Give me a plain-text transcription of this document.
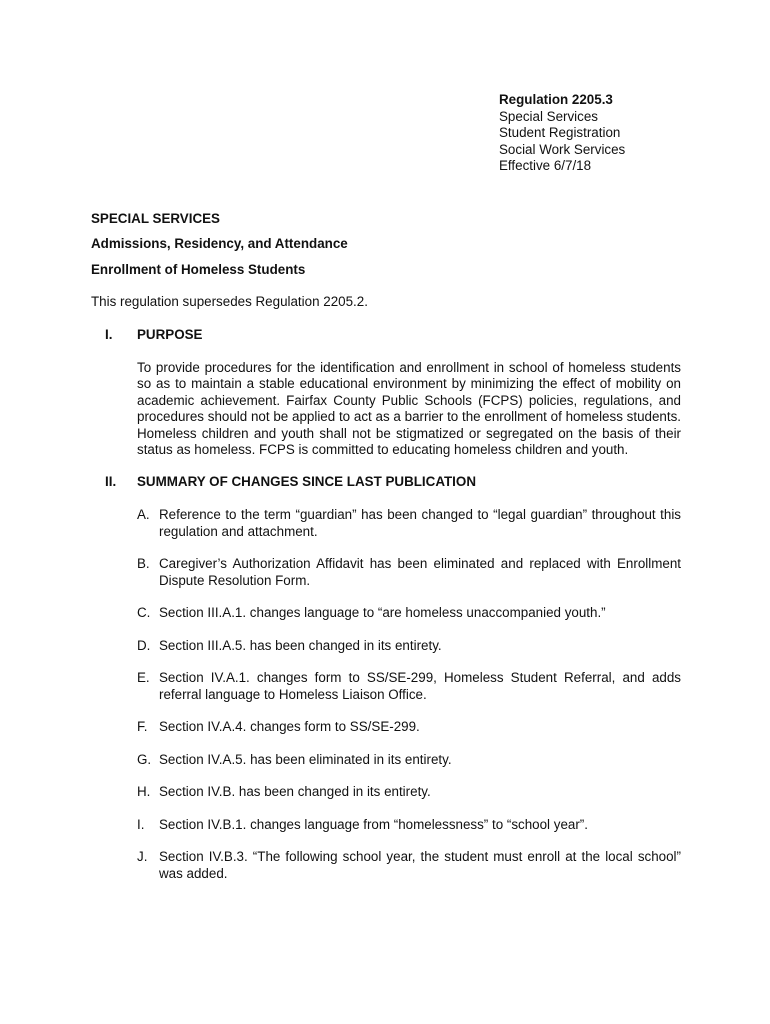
Regulation 2205.3
Special Services
Student Registration
Social Work Services
Effective 6/7/18
SPECIAL SERVICES
Admissions, Residency, and Attendance
Enrollment of Homeless Students
This regulation supersedes Regulation 2205.2.
I. PURPOSE
To provide procedures for the identification and enrollment in school of homeless students so as to maintain a stable educational environment by minimizing the effect of mobility on academic achievement. Fairfax County Public Schools (FCPS) policies, regulations, and procedures should not be applied to act as a barrier to the enrollment of homeless students. Homeless children and youth shall not be stigmatized or segregated on the basis of their status as homeless. FCPS is committed to educating homeless children and youth.
II. SUMMARY OF CHANGES SINCE LAST PUBLICATION
A. Reference to the term “guardian” has been changed to “legal guardian” throughout this regulation and attachment.
B. Caregiver’s Authorization Affidavit has been eliminated and replaced with Enrollment Dispute Resolution Form.
C. Section III.A.1. changes language to “are homeless unaccompanied youth.”
D. Section III.A.5. has been changed in its entirety.
E. Section IV.A.1. changes form to SS/SE-299, Homeless Student Referral, and adds referral language to Homeless Liaison Office.
F. Section IV.A.4. changes form to SS/SE-299.
G. Section IV.A.5. has been eliminated in its entirety.
H. Section IV.B. has been changed in its entirety.
I. Section IV.B.1. changes language from “homelessness” to “school year”.
J. Section IV.B.3. “The following school year, the student must enroll at the local school” was added.
